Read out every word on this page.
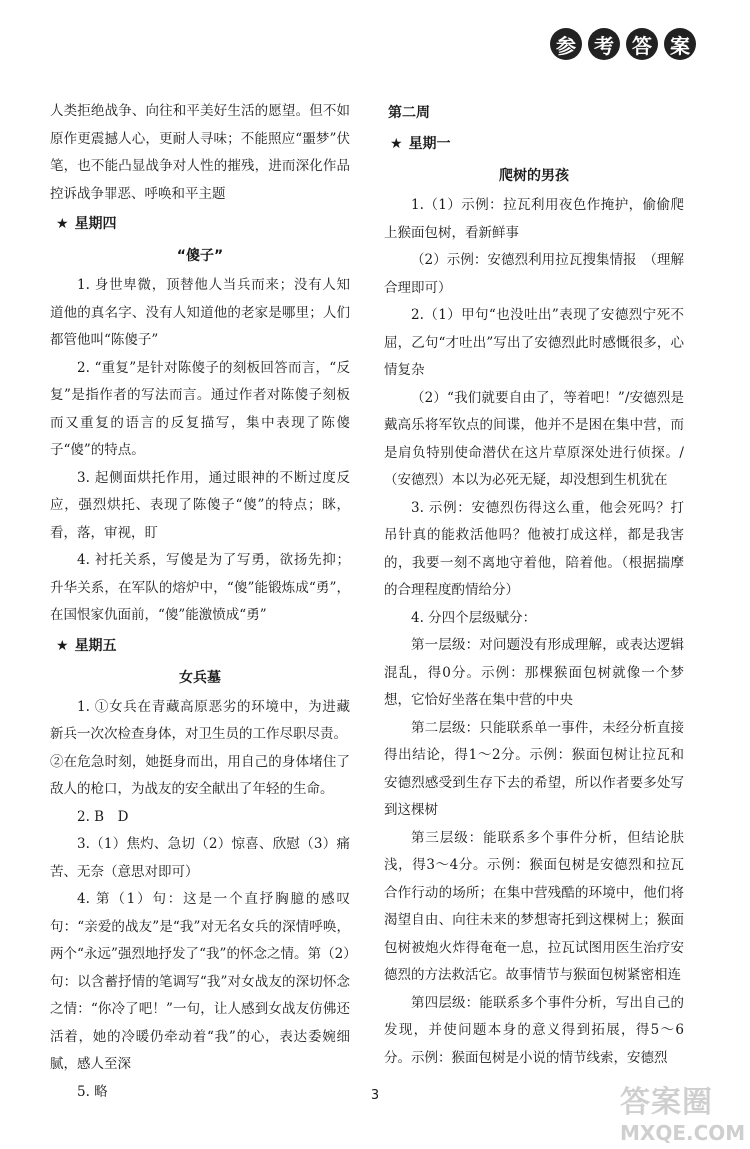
参 考 答 案

人类拒绝战争、向往和平美好生活的愿望。但不如原作更震撼人心，更耐人寻味；不能照应“噩梦”伏笔，也不能凸显战争对人性的摧残，进而深化作品控诉战争罪恶、呼唤和平主题

★ 星期四
“傻子”

1. 身世卑微，顶替他人当兵而来；没有人知道他的真名字、没有人知道他的老家是哪里；人们都管他叫“陈傻子”

2. “重复”是针对陈傻子的刻板回答而言，“反复”是指作者的写法而言。通过作者对陈傻子刻板而又重复的语言的反复描写，集中表现了陈傻子“傻”的特点。

3. 起侧面烘托作用，通过眼神的不断过度反应，强烈烘托、表现了陈傻子“傻”的特点；眯，看，落，审视，盯

4. 衬托关系，写傻是为了写勇，欲扬先抑；升华关系，在军队的熔炉中，“傻”能锻炼成“勇”，在国恨家仇面前，“傻”能激愤成“勇”

★ 星期五
女兵墓

1. ①女兵在青藏高原恶劣的环境中，为进藏新兵一次次检查身体，对卫生员的工作尽职尽责。

②在危急时刻，她挺身而出，用自己的身体堵住了敌人的枪口，为战友的安全献出了年轻的生命。

2. B　D

3.（1）焦灼、急切（2）惊喜、欣慰（3）痛苦、无奈（意思对即可）

4. 第（1）句：这是一个直抒胸臆的感叹句：“亲爱的战友”是“我”对无名女兵的深情呼唤，两个“永远”强烈地抒发了“我”的怀念之情。第（2）句：以含蓄抒情的笔调写“我”对女战友的深切怀念之情：“你冷了吧！”一句，让人感到女战友仿佛还活着，她的冷暖仍牵动着“我”的心，表达委婉细腻，感人至深

5. 略

第二周
★ 星期一
爬树的男孩

1.（1）示例：拉瓦利用夜色作掩护，偷偷爬上猴面包树，看新鲜事

（2）示例：安德烈利用拉瓦搜集情报　（理解合理即可）

2.（1）甲句“也没吐出”表现了安德烈宁死不屈，乙句“才吐出”写出了安德烈此时感慨很多，心情复杂

（2）“我们就要自由了，等着吧！”/安德烈是戴高乐将军钦点的间谍，他并不是困在集中营，而是肩负特别使命潜伏在这片草原深处进行侦探。/（安德烈）本以为必死无疑，却没想到生机犹在

3. 示例：安德烈伤得这么重，他会死吗？打吊针真的能救活他吗？他被打成这样，都是我害的，我要一刻不离地守着他，陪着他。（根据揣摩的合理程度酌情给分）

4. 分四个层级赋分：

第一层级：对问题没有形成理解，或表达逻辑混乱，得0分。示例：那棵猴面包树就像一个梦想，它恰好坐落在集中营的中央

第二层级：只能联系单一事件，未经分析直接得出结论，得1～2分。示例：猴面包树让拉瓦和安德烈感受到生存下去的希望，所以作者要多处写到这棵树

第三层级：能联系多个事件分析，但结论肤浅，得3～4分。示例：猴面包树是安德烈和拉瓦合作行动的场所；在集中营残酷的环境中，他们将渴望自由、向往未来的梦想寄托到这棵树上；猴面包树被炮火炸得奄奄一息，拉瓦试图用医生治疗安德烈的方法救活它。故事情节与猴面包树紧密相连

第四层级：能联系多个事件分析，写出自己的发现，并使问题本身的意义得到拓展，得5～6分。示例：猴面包树是小说的情节线索，安德烈

3	答案圈
MXQE.COM
